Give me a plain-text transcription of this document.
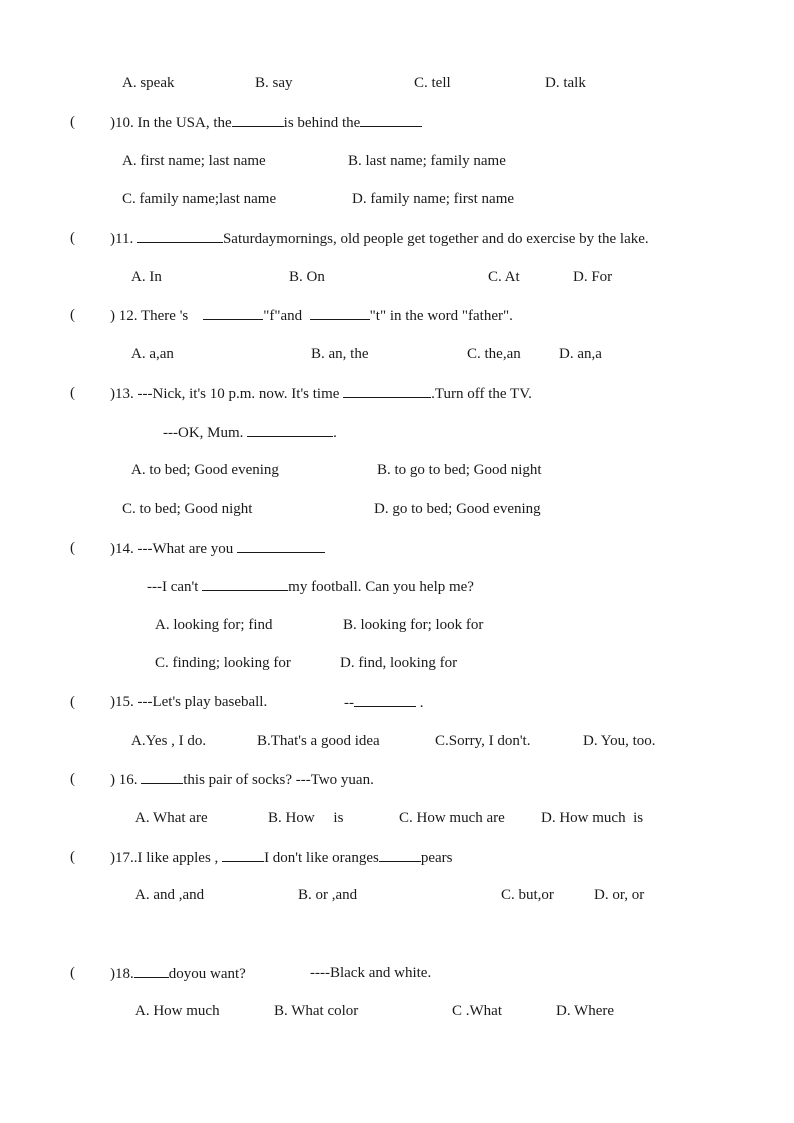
A. speak	B. say	C. tell	D. talk
( )10. In the USA, the	is behind the
A. first name; last name	B. last name; family name
C. family name;last name	D. family name; first name
( )11.	Saturdaymornings, old people get together and do exercise by the lake.
A. In	B. On	C. At	D. For
( ) 12. There 's	"f"and	"t" in the word "father".
A. a,an	B. an, the	C. the,an	D. an,a
( )13. ---Nick, it's 10 p.m. now. It's time	.Turn off the TV.
---OK, Mum.	.
A. to bed; Good evening	B. to go to bed; Good night
C. to bed; Good night	D. go to bed; Good evening
( )14. ---What are you
---I can't	my football. Can you help me?
A. looking for; find	B. looking for; look for
C. finding; looking for	D. find, looking for
( )15. ---Let's play baseball.	--	.
A.Yes , I do.	B.That's a good idea	C.Sorry, I don't.	D. You, too.
( ) 16.	this pair of socks? ---Two yuan.
A. What are	B. How     is	C. How much are D. How much  is
( )17..I like apples ,	I don't like oranges	pears
A. and ,and	B. or ,and	C. but,or	D. or, or
( )18. doyou want?	----Black and white.
A. How much	B. What color	C .What	D. Where
